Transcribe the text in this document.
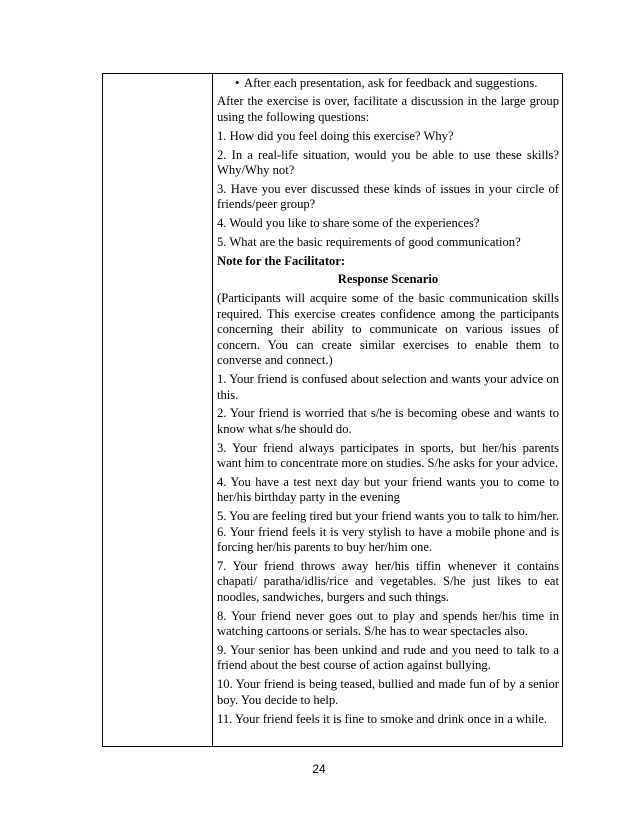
• After each presentation, ask for feedback and suggestions.

After the exercise is over, facilitate a discussion in the large group using the following questions:

1. How did you feel doing this exercise? Why?

2. In a real-life situation, would you be able to use these skills? Why/Why not?

3. Have you ever discussed these kinds of issues in your circle of friends/peer group?

4. Would you like to share some of the experiences?

5. What are the basic requirements of good communication?

Note for the Facilitator:

Response Scenario

(Participants will acquire some of the basic communication skills required. This exercise creates confidence among the participants concerning their ability to communicate on various issues of concern. You can create similar exercises to enable them to converse and connect.)

1. Your friend is confused about selection and wants your advice on this.

2. Your friend is worried that s/he is becoming obese and wants to know what s/he should do.

3. Your friend always participates in sports, but her/his parents want him to concentrate more on studies. S/he asks for your advice.

4. You have a test next day but your friend wants you to come to her/his birthday party in the evening

5. You are feeling tired but your friend wants you to talk to him/her. 6. Your friend feels it is very stylish to have a mobile phone and is forcing her/his parents to buy her/him one.

7. Your friend throws away her/his tiffin whenever it contains chapati/ paratha/idlis/rice and vegetables. S/he just likes to eat noodles, sandwiches, burgers and such things.

8. Your friend never goes out to play and spends her/his time in watching cartoons or serials. S/he has to wear spectacles also.

9. Your senior has been unkind and rude and you need to talk to a friend about the best course of action against bullying.

10. Your friend is being teased, bullied and made fun of by a senior boy. You decide to help.

11. Your friend feels it is fine to smoke and drink once in a while.

24
